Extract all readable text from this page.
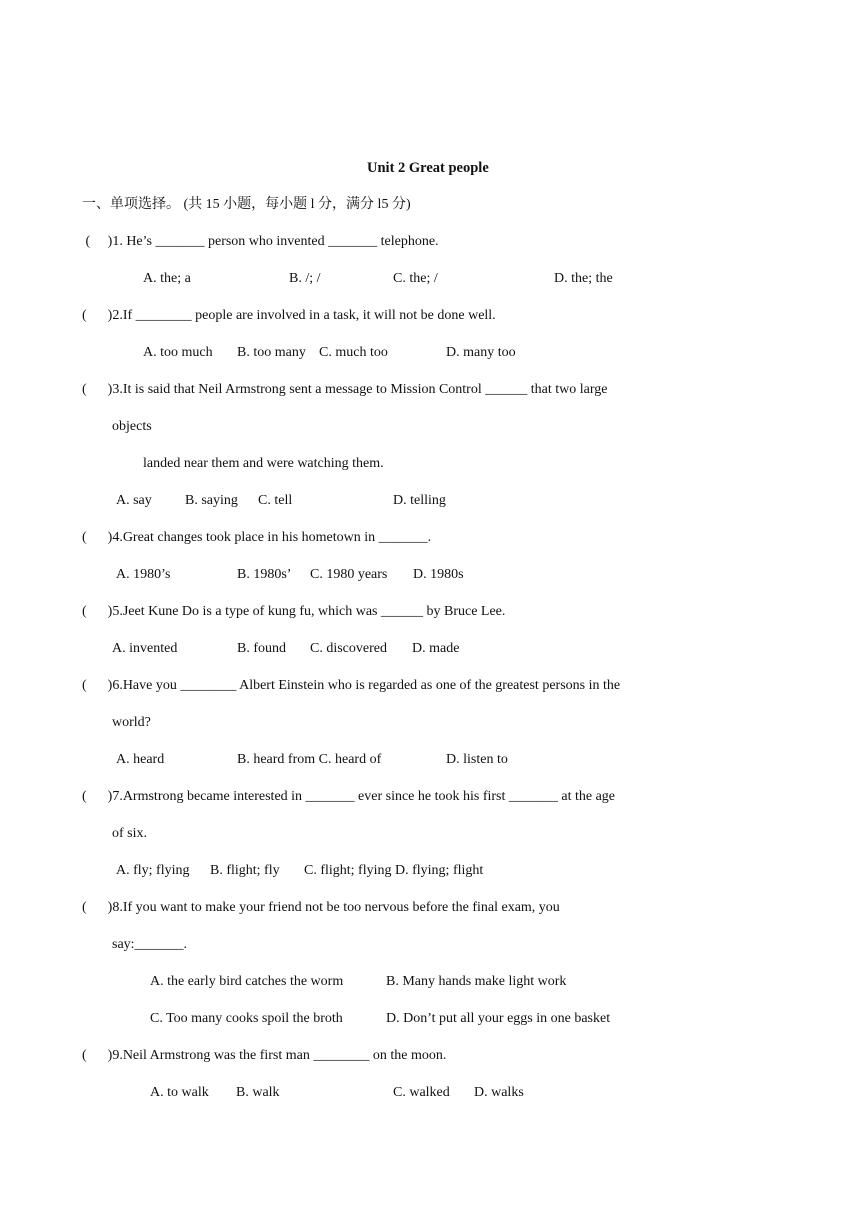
Unit 2 Great people
一、单项选择。 (共 15 小题，每小题 l 分，满分 l5 分)
(     )1. He’s _______ person who invented _______ telephone.
A. the; a	B. /; /	C. the; /	D. the; the
(      )2.If ________ people are involved in a task, it will not be done well.
A. too much B. too many C. much too	D. many too
(      )3.It is said that Neil Armstrong sent a message to Mission Control ______ that two large
objects
landed near them and were watching them.
A. say B. saying C. tell	D. telling
(      )4.Great changes took place in his hometown in _______.
A. 1980’s	B. 1980s’ C. 1980 years D. 1980s
(      )5.Jeet Kune Do is a type of kung fu, which was ______ by Bruce Lee.
A. invented	B. found C. discovered D. made
(      )6.Have you ________ Albert Einstein who is regarded as one of the greatest persons in the
world?
A. heard	B. heard from C. heard of	D. listen to
(      )7.Armstrong became interested in _______ ever since he took his first _______ at the age
of six.
A. fly; flying B. flight; fly C. flight; flying D. flying; flight
(      )8.If you want to make your friend not be too nervous before the final exam, you
say:_______.
A. the early bird catches the worm	B. Many hands make light work
C. Too many cooks spoil the broth	D. Don’t put all your eggs in one basket
(      )9.Neil Armstrong was the first man ________ on the moon.
A. to walk B. walk	C. walked D. walks
